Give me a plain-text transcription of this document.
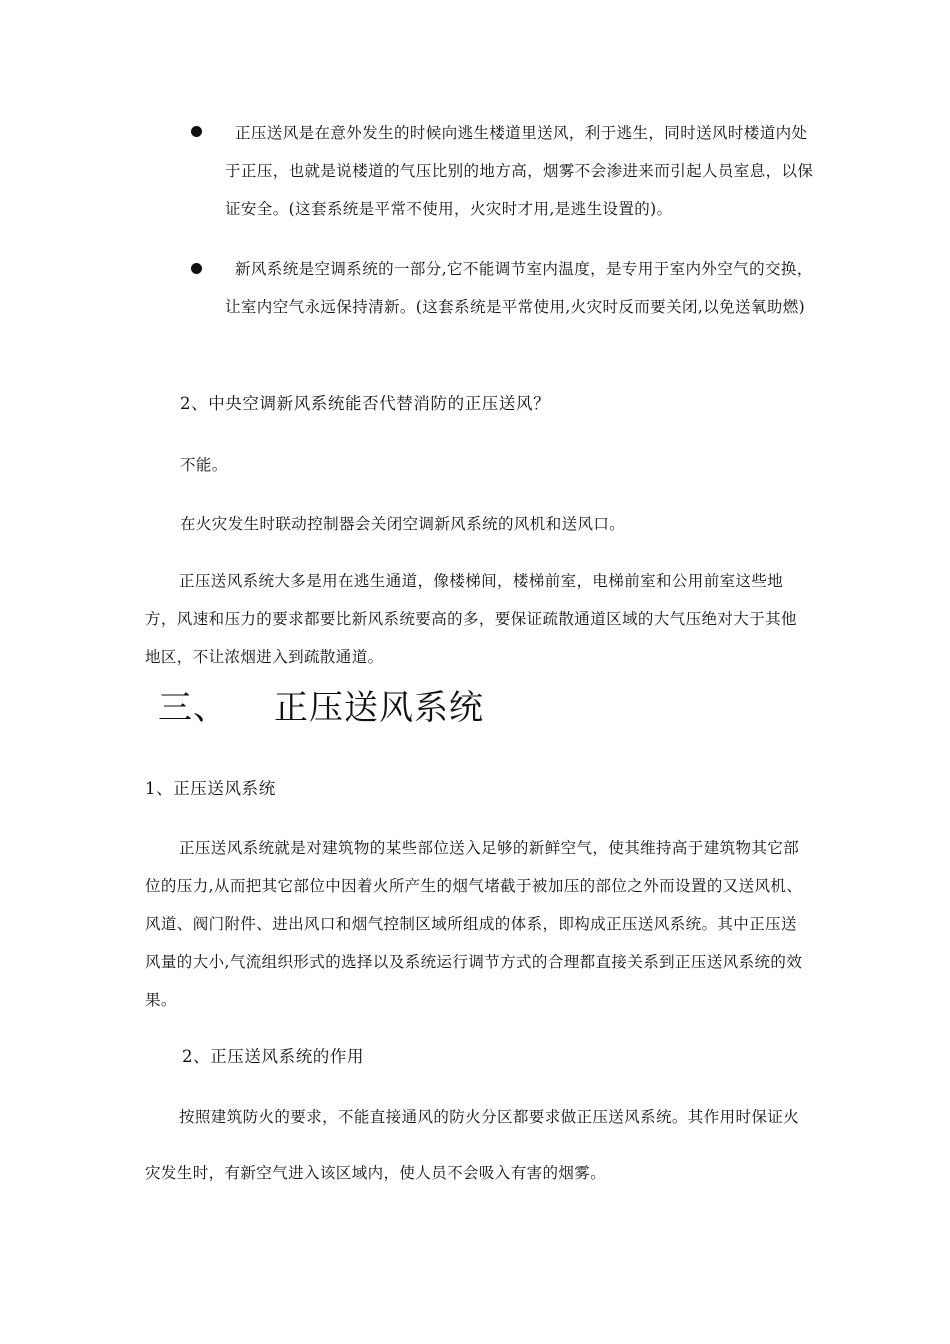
正压送风是在意外发生的时候向逃生楼道里送风，利于逃生，同时送风时楼道内处于正压，也就是说楼道的气压比别的地方高，烟雾不会渗进来而引起人员室息，以保证安全。(这套系统是平常不使用，火灾时才用,是逃生设置的)。
新风系统是空调系统的一部分,它不能调节室内温度，是专用于室内外空气的交换，让室内空气永远保持清新。(这套系统是平常使用,火灾时反而要关闭,以免送氧助燃)
2、中央空调新风系统能否代替消防的正压送风？

不能。

在火灾发生时联动控制器会关闭空调新风系统的风机和送风口。

正压送风系统大多是用在逃生通道，像楼梯间，楼梯前室，电梯前室和公用前室这些地方，风速和压力的要求都要比新风系统要高的多，要保证疏散通道区域的大气压绝对大于其他地区，不让浓烟进入到疏散通道。

三、 正压送风系统
1、正压送风系统

正压送风系统就是对建筑物的某些部位送入足够的新鲜空气，使其维持高于建筑物其它部位的压力,从而把其它部位中因着火所产生的烟气堵截于被加压的部位之外而设置的又送风机、风道、阀门附件、进出风口和烟气控制区域所组成的体系，即构成正压送风系统。其中正压送风量的大小,气流组织形式的选择以及系统运行调节方式的合理都直接关系到正压送风系统的效果。

2、正压送风系统的作用

按照建筑防火的要求，不能直接通风的防火分区都要求做正压送风系统。其作用时保证火灾发生时，有新空气进入该区域内，使人员不会吸入有害的烟雾。
